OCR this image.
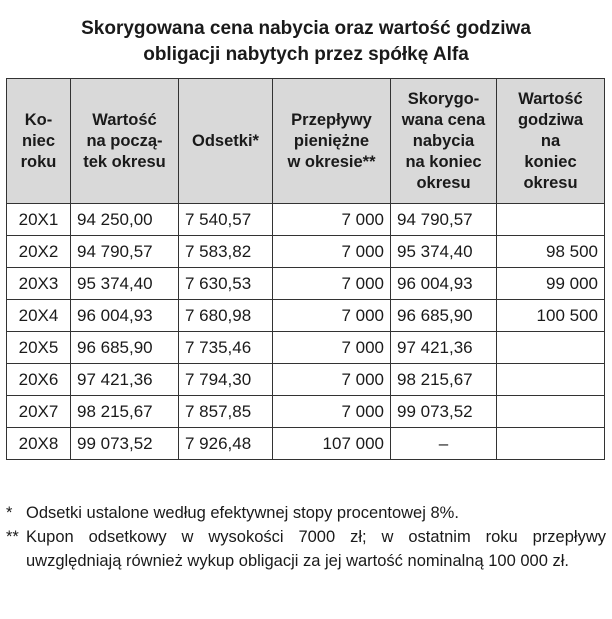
Skorygowana cena nabycia oraz wartość godziwa
obligacji nabytych przez spółkę Alfa
Ko-
niec
roku	Wartość
na począ-
tek okresu	Odsetki*	Przepływy
pieniężne
w okresie**	Skorygo-
wana cena
nabycia
na koniec
okresu	Wartość
godziwa
na
koniec
okresu
20X1	94 250,00	7 540,57	7 000	94 790,57	
20X2	94 790,57	7 583,82	7 000	95 374,40	98 500
20X3	95 374,40	7 630,53	7 000	96 004,93	99 000
20X4	96 004,93	7 680,98	7 000	96 685,90	100 500
20X5	96 685,90	7 735,46	7 000	97 421,36	
20X6	97 421,36	7 794,30	7 000	98 215,67	
20X7	98 215,67	7 857,85	7 000	99 073,52	
20X8	99 073,52	7 926,48	107 000	–	
* Odsetki ustalone według efektywnej stopy procentowej 8%.
** Kupon odsetkowy w wysokości 7000 zł; w ostatnim roku przepływy uwzględniają również wykup obligacji za jej wartość nominalną 100 000 zł.
